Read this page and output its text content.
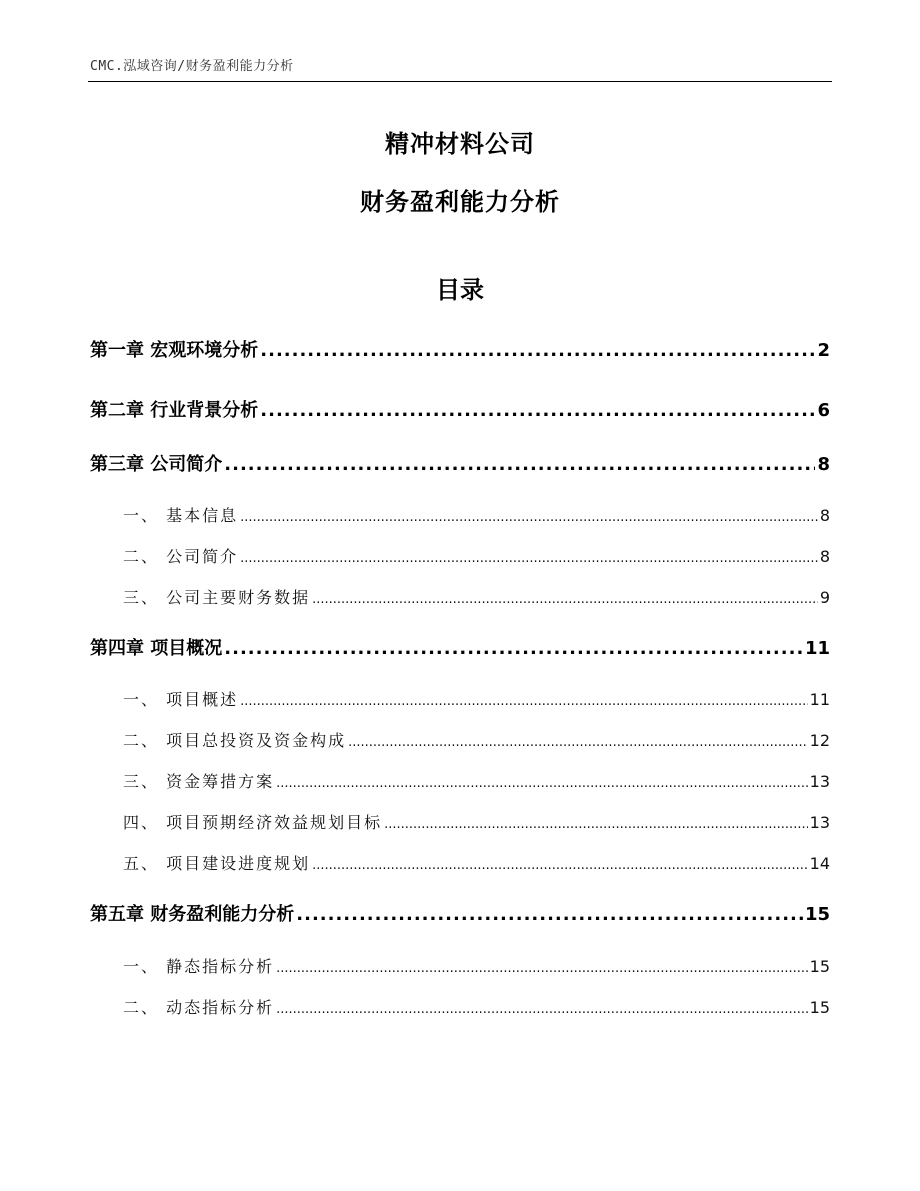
CMC.泓域咨询/财务盈利能力分析
精冲材料公司
财务盈利能力分析
目录
第一章 宏观环境分析 .....	2
第二章 行业背景分析 .....	6
第三章 公司简介 .....	8
一、 基本信息 .....	8
二、 公司简介 .....	8
三、 公司主要财务数据 .....	9
第四章 项目概况 .....	11
一、 项目概述 .....	11
二、 项目总投资及资金构成 .....	12
三、 资金筹措方案 .....	13
四、 项目预期经济效益规划目标 .....	13
五、 项目建设进度规划 .....	14
第五章 财务盈利能力分析 .....	15
一、 静态指标分析 .....	15
二、 动态指标分析 .....	15
